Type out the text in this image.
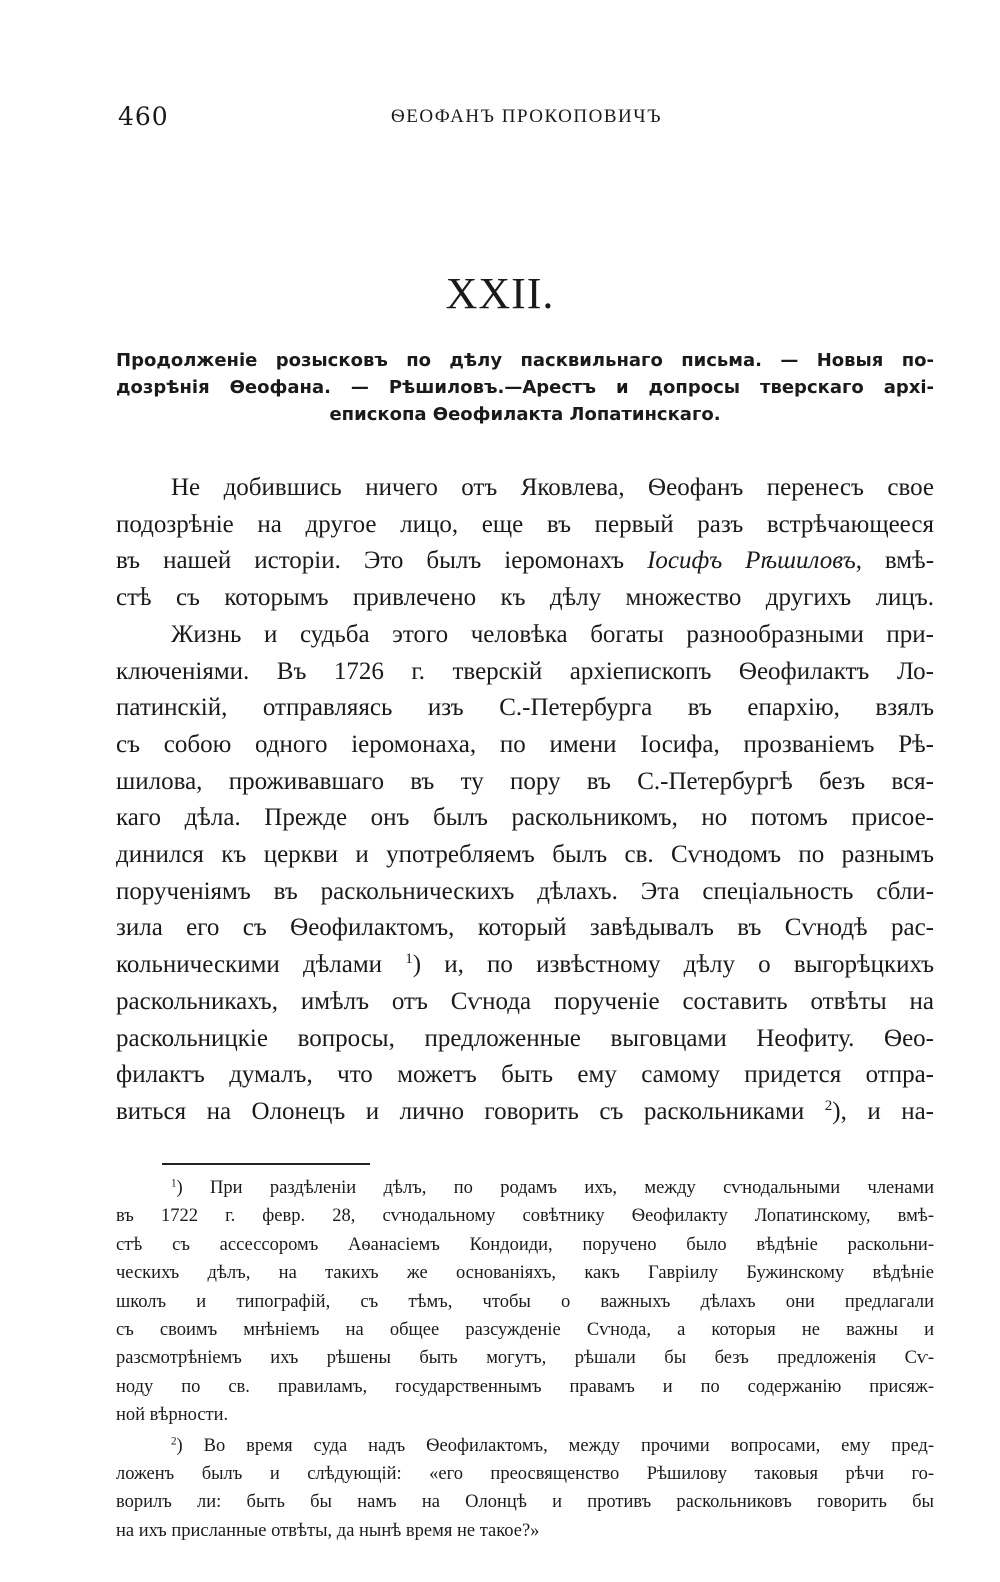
460	ѲЕОФАНЪ ПРОКОПОВИЧЪ
XXII.
Продолженіе розысковъ по дѣлу пасквильнаго письма. — Новыя по-
дозрѣнія Ѳеофана. — Рѣшиловъ.—Арестъ и допросы тверскаго архі-
епископа Ѳеофилакта Лопатинскаго.
Не добившись ничего отъ Яковлева, Ѳеофанъ перенесъ свое
подозрѣніе на другое лицо, еще въ первый разъ встрѣчающееся
въ нашей исторіи. Это былъ іеромонахъ Іосифъ Рѣшиловъ, вмѣ-
стѣ съ которымъ привлечено къ дѣлу множество другихъ лицъ.
Жизнь и судьба этого человѣка богаты разнообразными при-
ключеніями. Въ 1726 г. тверскій архіепископъ Ѳеофилактъ Ло-
патинскій, отправляясь изъ С.-Петербурга въ епархію, взялъ
съ собою одного іеромонаха, по имени Іосифа, прозваніемъ Рѣ-
шилова, проживавшаго въ ту пору въ С.-Петербургѣ безъ вся-
каго дѣла. Прежде онъ былъ раскольникомъ, но потомъ присое-
динился къ церкви и употребляемъ былъ св. Сѵнодомъ по разнымъ
порученіямъ въ раскольническихъ дѣлахъ. Эта спеціальность сбли-
зила его съ Ѳеофилактомъ, который завѣдывалъ въ Сѵнодѣ рас-
кольническими дѣлами $^1$) и, по извѣстному дѣлу о выгорѣцкихъ
раскольникахъ, имѣлъ отъ Сѵнода порученіе составить отвѣты на
раскольницкіе вопросы, предложенные выговцами Неофиту. Ѳео-
филактъ думалъ, что можетъ быть ему самому придется отпра-
виться на Олонецъ и лично говорить съ раскольниками $^2$), и на-
$^1$) При раздѣленіи дѣлъ, по родамъ ихъ, между сѵнодальными членами
въ 1722 г. февр. 28, сѵнодальному совѣтнику Ѳеофилакту Лопатинскому, вмѣ-
стѣ съ ассессоромъ Аѳанасіемъ Кондоиди, поручено было вѣдѣніе раскольни-
ческихъ дѣлъ, на такихъ же основаніяхъ, какъ Гавріилу Бужинскому вѣдѣніе
школъ и типографій, съ тѣмъ, чтобы о важныхъ дѣлахъ они предлагали
съ своимъ мнѣніемъ на общее разсужденіе Сѵнода, а которыя не важны и
разсмотрѣніемъ ихъ рѣшены быть могутъ, рѣшали бы безъ предложенія Сѵ-
ноду по св. правиламъ, государственнымъ правамъ и по содержанію присяж-
ной вѣрности.
$^2$) Во время суда надъ Ѳеофилактомъ, между прочими вопросами, ему пред-
ложенъ былъ и слѣдующій: «его преосвященство Рѣшилову таковыя рѣчи го-
ворилъ ли: быть бы намъ на Олонцѣ и противъ раскольниковъ говорить бы
на ихъ присланные отвѣты, да нынѣ время не такое?»
